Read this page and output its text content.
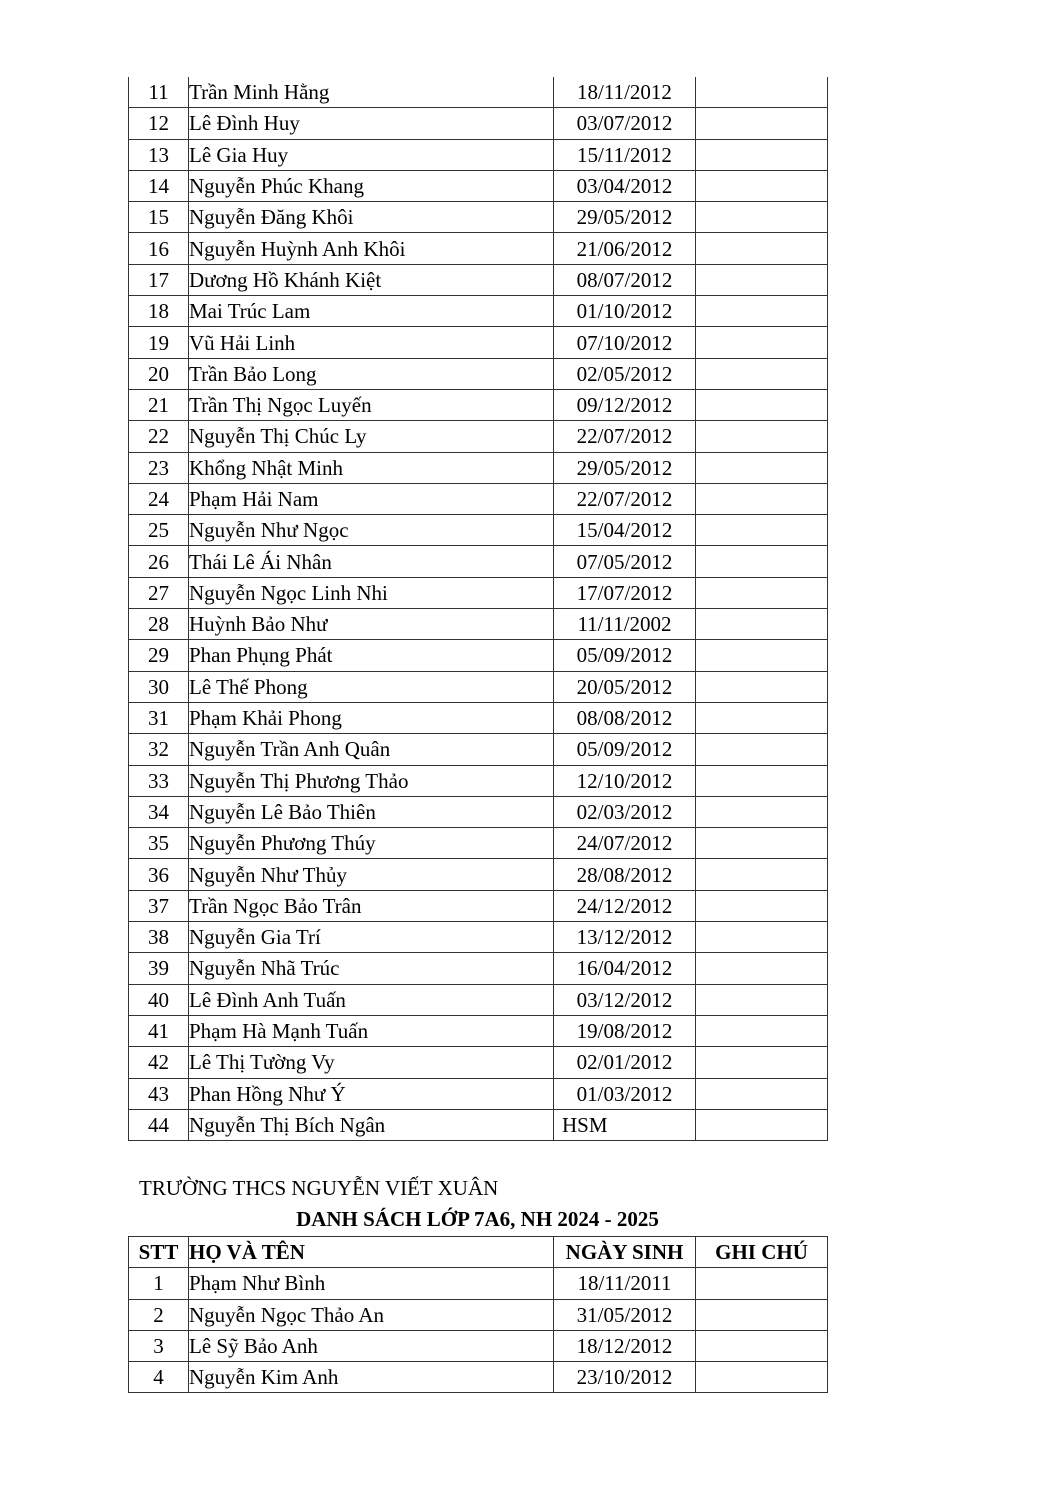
11	Trần Minh Hằng	18/11/2012	
12	Lê Đình Huy	03/07/2012	
13	Lê Gia Huy	15/11/2012	
14	Nguyễn Phúc Khang	03/04/2012	
15	Nguyễn Đăng Khôi	29/05/2012	
16	Nguyễn Huỳnh Anh Khôi	21/06/2012	
17	Dương Hồ Khánh Kiệt	08/07/2012	
18	Mai Trúc Lam	01/10/2012	
19	Vũ Hải Linh	07/10/2012	
20	Trần Bảo Long	02/05/2012	
21	Trần Thị Ngọc Luyến	09/12/2012	
22	Nguyễn Thị Chúc Ly	22/07/2012	
23	Khổng Nhật Minh	29/05/2012	
24	Phạm Hải Nam	22/07/2012	
25	Nguyễn Như Ngọc	15/04/2012	
26	Thái Lê Ái Nhân	07/05/2012	
27	Nguyễn Ngọc Linh Nhi	17/07/2012	
28	Huỳnh Bảo Như	11/11/2002	
29	Phan Phụng Phát	05/09/2012	
30	Lê Thế Phong	20/05/2012	
31	Phạm Khải Phong	08/08/2012	
32	Nguyễn Trần Anh Quân	05/09/2012	
33	Nguyễn Thị Phương Thảo	12/10/2012	
34	Nguyễn Lê Bảo Thiên	02/03/2012	
35	Nguyễn Phương Thúy	24/07/2012	
36	Nguyễn Như Thủy	28/08/2012	
37	Trần Ngọc Bảo Trân	24/12/2012	
38	Nguyễn Gia Trí	13/12/2012	
39	Nguyễn Nhã Trúc	16/04/2012	
40	Lê Đình Anh Tuấn	03/12/2012	
41	Phạm Hà Mạnh Tuấn	19/08/2012	
42	Lê Thị Tường Vy	02/01/2012	
43	Phan Hồng Như Ý	01/03/2012	
44	Nguyễn Thị Bích Ngân	HSM	
TRƯỜNG THCS NGUYỄN VIẾT XUÂN
DANH SÁCH LỚP 7A6, NH 2024 - 2025
STT	HỌ VÀ TÊN	NGÀY SINH	GHI CHÚ
1	Phạm Như Bình	18/11/2011	
2	Nguyễn Ngọc Thảo An	31/05/2012	
3	Lê Sỹ Bảo Anh	18/12/2012	
4	Nguyễn Kim Anh	23/10/2012	
